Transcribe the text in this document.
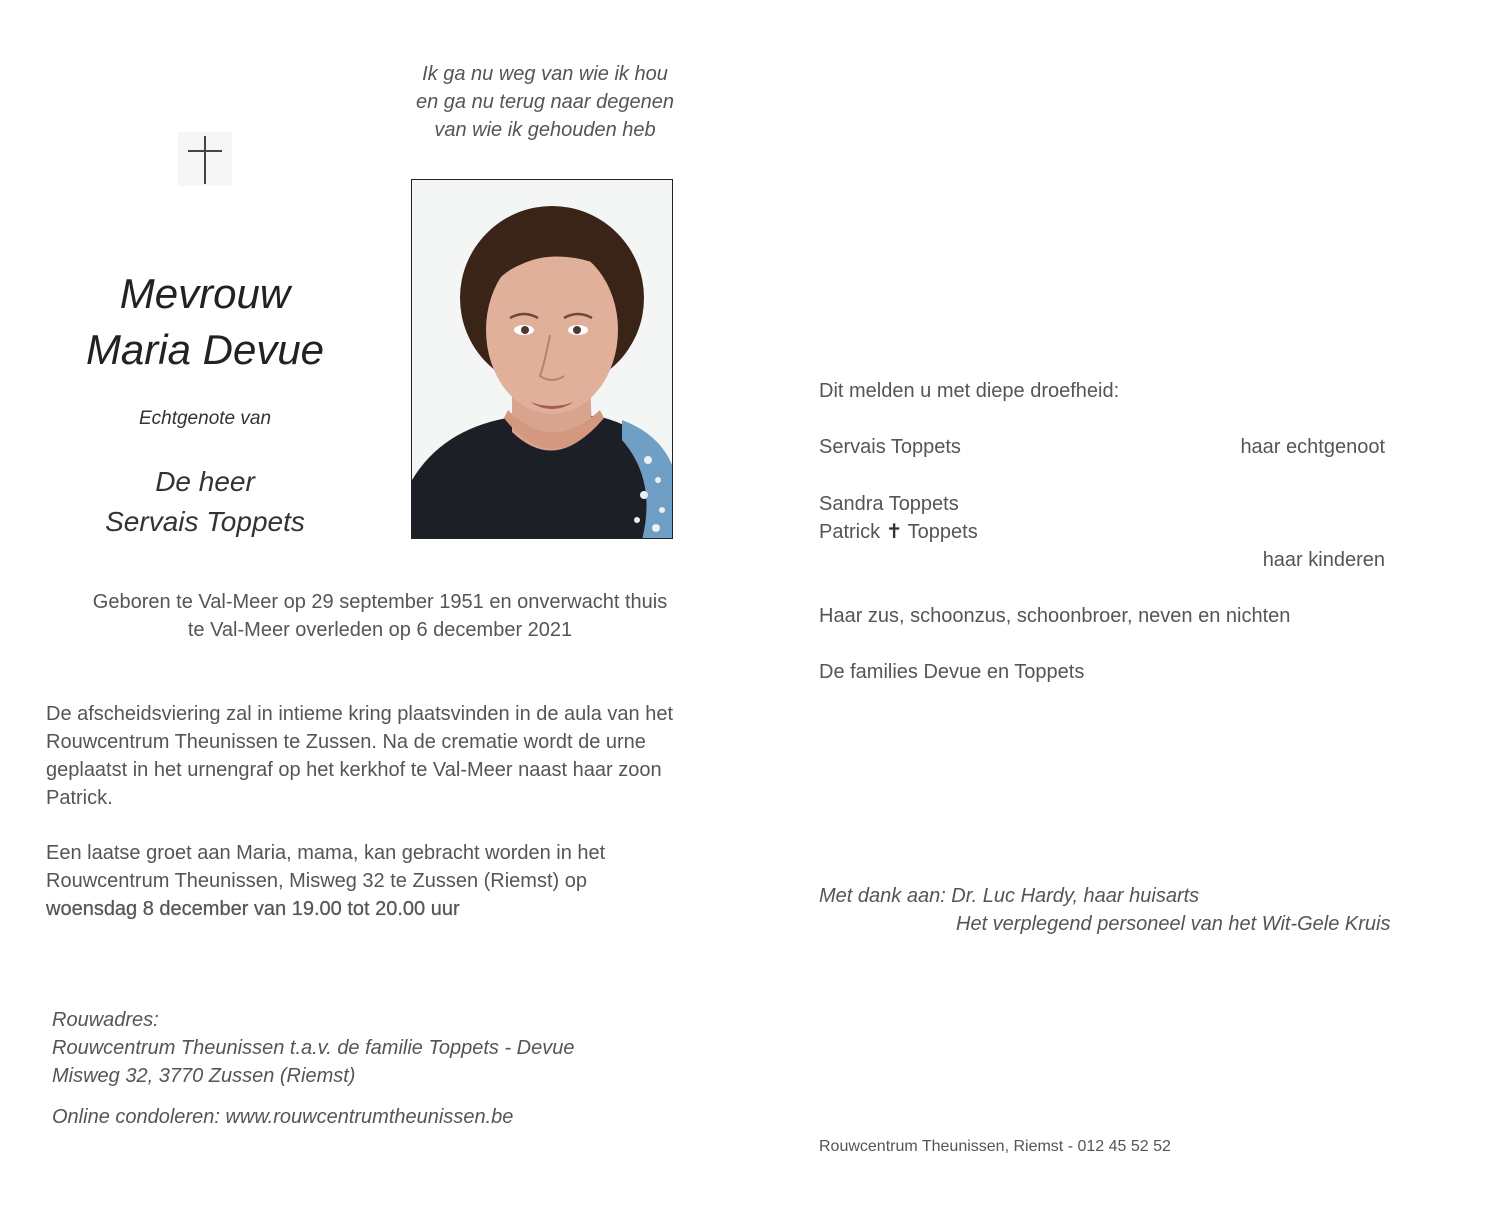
Ik ga nu weg van wie ik hou
en ga nu terug naar degenen
van wie ik gehouden heb
Mevrouw
Maria Devue
Echtgenote van
De heer
Servais Toppets
Geboren te Val-Meer op 29 september 1951 en onverwacht thuis
te Val-Meer overleden op 6 december 2021
De afscheidsviering zal in intieme kring plaatsvinden in de aula van het
Rouwcentrum Theunissen te Zussen. Na de crematie wordt de urne
geplaatst in het urnengraf op het kerkhof te Val-Meer naast haar zoon
Patrick.
Een laatse groet aan Maria, mama, kan gebracht worden in het
Rouwcentrum Theunissen, Misweg 32 te Zussen (Riemst) op
woensdag 8 december van 19.00 tot 20.00 uur
Rouwadres:
Rouwcentrum Theunissen t.a.v. de familie Toppets - Devue
Misweg 32, 3770 Zussen (Riemst)
Online condoleren: www.rouwcentrumtheunissen.be
Dit melden u met diepe droefheid:
Servais Toppets	haar echtgenoot
Sandra Toppets
Patrick ✝ Toppets
haar kinderen
Haar zus, schoonzus, schoonbroer, neven en nichten
De families Devue en Toppets
Met dank aan: Dr. Luc Hardy, haar huisarts
Het verplegend personeel van het Wit-Gele Kruis
Rouwcentrum Theunissen, Riemst - 012 45 52 52
